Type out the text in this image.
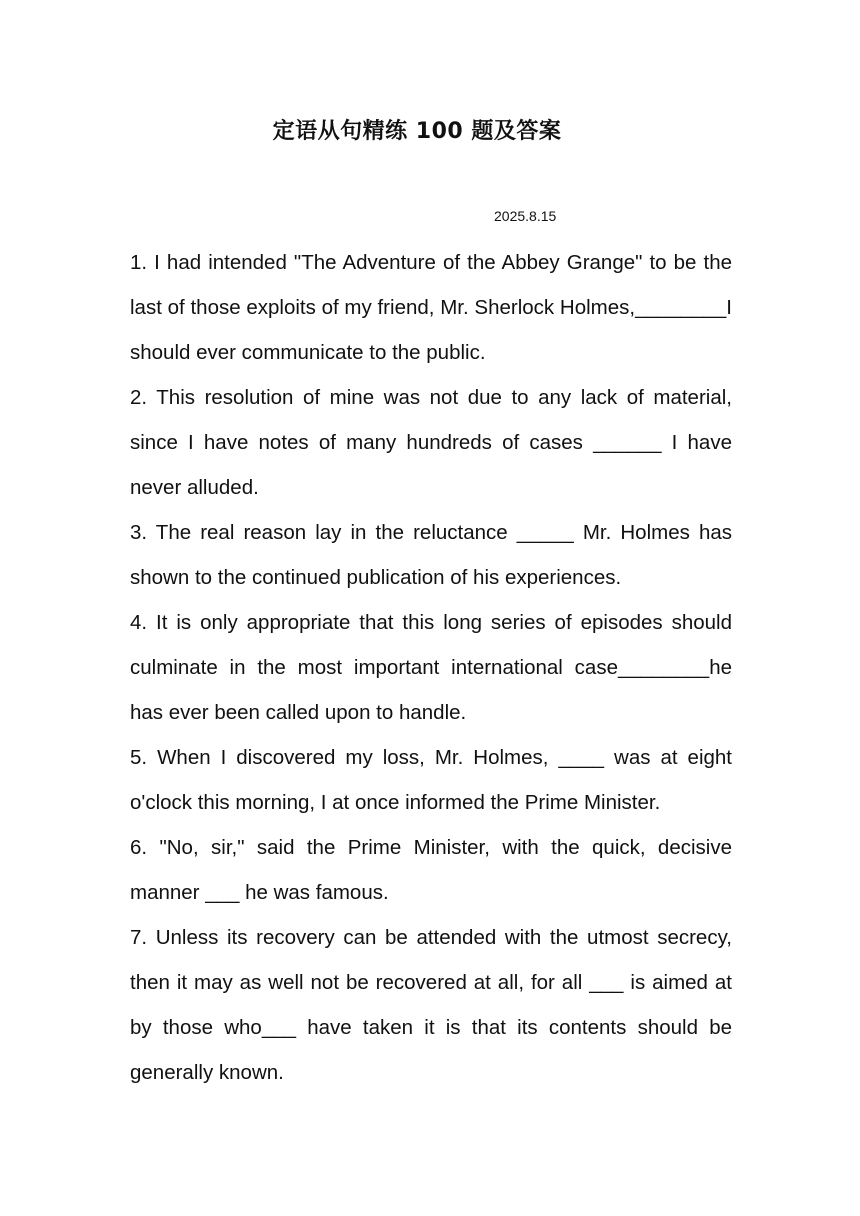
定语从句精练 100 题及答案
2025.8.15

1. I had intended "The Adventure of the Abbey Grange" to be the last of those exploits of my friend, Mr. Sherlock Holmes,________I should ever communicate to the public.

2. This resolution of mine was not due to any lack of material, since I have notes of many hundreds of cases ______ I have never alluded.

3. The real reason lay in the reluctance _____ Mr. Holmes has shown to the continued publication of his experiences.

4. It is only appropriate that this long series of episodes should culminate in the most important international case________he has ever been called upon to handle.

5. When I discovered my loss, Mr. Holmes, ____ was at eight o'clock this morning, I at once informed the Prime Minister.

6. "No, sir," said the Prime Minister, with the quick, decisive manner ___ he was famous.

7. Unless its recovery can be attended with the utmost secrecy, then it may as well not be recovered at all, for all ___ is aimed at by those who___ have taken it is that its contents should be generally known.
